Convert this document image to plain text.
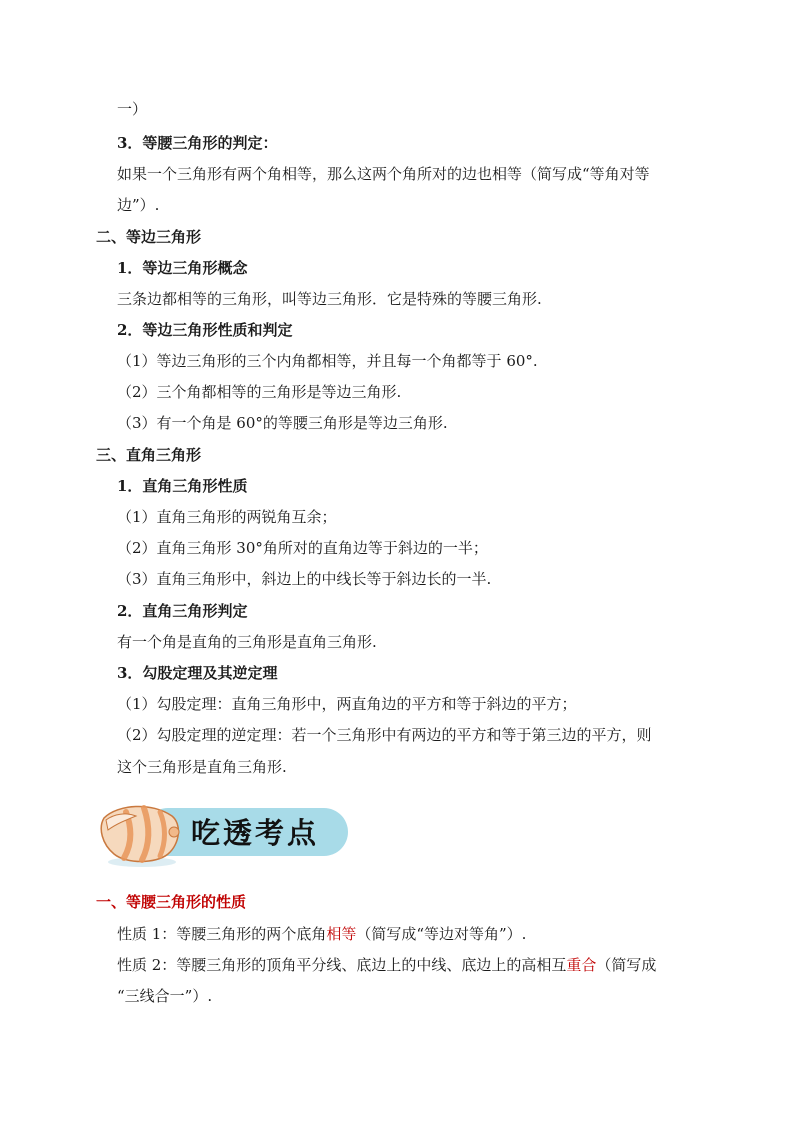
一）
3．等腰三角形的判定：
如果一个三角形有两个角相等，那么这两个角所对的边也相等（简写成“等角对等
边”）.
二、等边三角形
1．等边三角形概念
三条边都相等的三角形，叫等边三角形．它是特殊的等腰三角形.
2．等边三角形性质和判定
（1）等边三角形的三个内角都相等，并且每一个角都等于 60°.
（2）三个角都相等的三角形是等边三角形.
（3）有一个角是 60°的等腰三角形是等边三角形.
三、直角三角形
1．直角三角形性质
（1）直角三角形的两锐角互余；
（2）直角三角形 30°角所对的直角边等于斜边的一半；
（3）直角三角形中，斜边上的中线长等于斜边长的一半.
2．直角三角形判定
有一个角是直角的三角形是直角三角形.
3．勾股定理及其逆定理
（1）勾股定理：直角三角形中，两直角边的平方和等于斜边的平方；
（2）勾股定理的逆定理：若一个三角形中有两边的平方和等于第三边的平方，则
这个三角形是直角三角形.
吃透考点
一、等腰三角形的性质
性质 1：等腰三角形的两个底角相等（简写成“等边对等角”）.
性质 2：等腰三角形的顶角平分线、底边上的中线、底边上的高相互重合（简写成
“三线合一”）.
